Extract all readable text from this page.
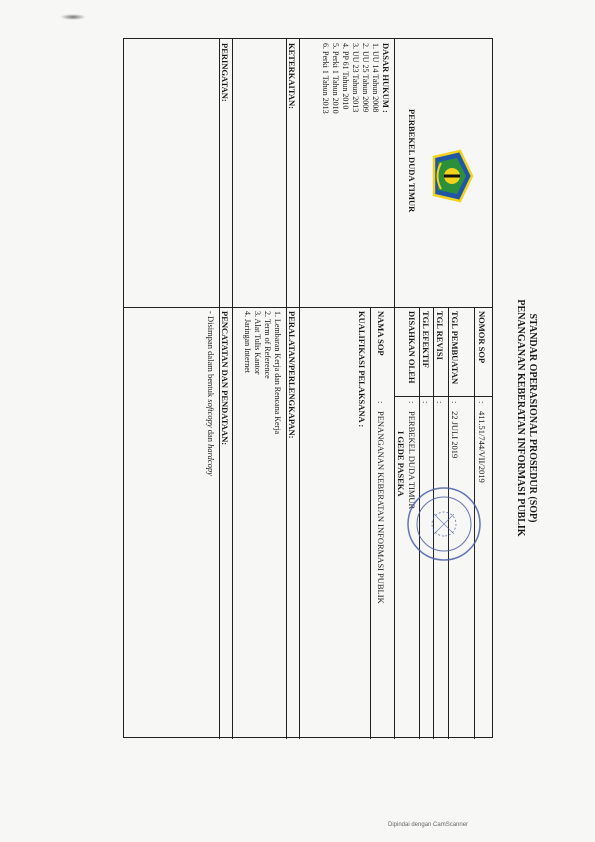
STANDAR OPERASIONAL PROSEDUR (SOP)
PENANGANAN KEBERATAN INFORMASI PUBLIK
PERBEKEL DUDA TIMUR
NOMOR SOP
:
411.51/744/VII/2019
TGL PEMBUATAN
:
22 JULI 2019
TGL REVISI
:
TGL EFEKTIF
:
DISAHKAN OLEH
:
PERBEKEL DUDA TIMUR
I GEDE PASEKA
NAMA SOP
:
PENANGANAN KEBERATAN INFORMASI PUBLIK
DASAR HUKUM :
1. UU 14 Tahun 2008
2. UU 25 Tahun 2009
3. UU 23 Tahun 2013
4. PP 61 Tahun 2010
5. Perki 1 Tahun 2010
6. Perki 1 Tahun 2013
KUALIFIKASI PELAKSANA :
KETERKAITAN:
PERALATAN/PERLENGKAPAN:
1. Lembaran Kerja dan Rencana Kerja
2. Term of Reference
3. Alat Tulis Kantor
4. Jaringan Internet
PERINGATAN:
PENCATATAN DAN PENDATAAN:
- Disimpan dalam bentuk softcopy dan hardcopy
Dipindai dengan CamScanner
